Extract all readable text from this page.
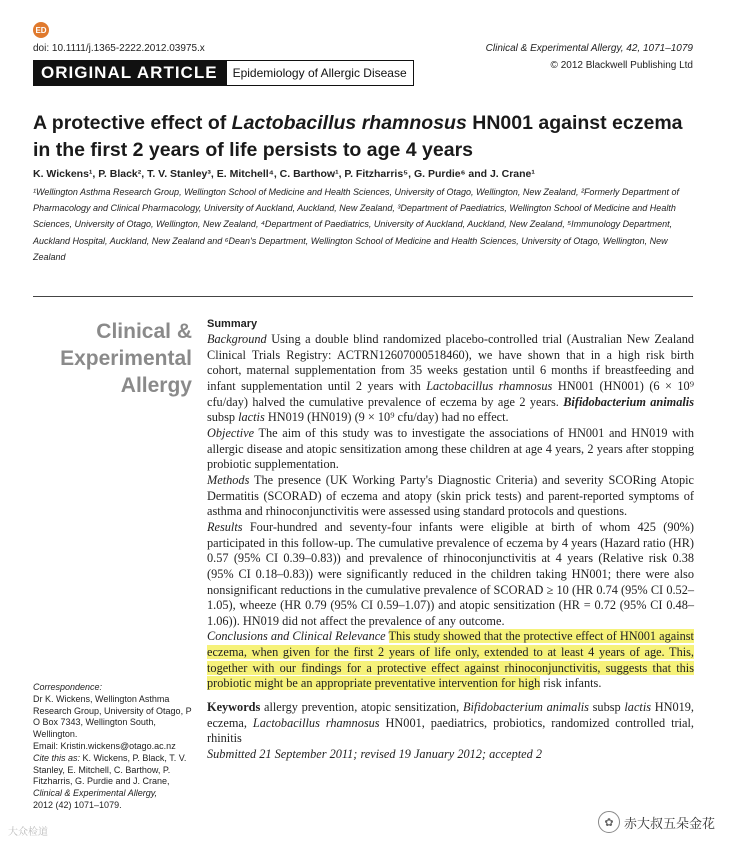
ED
doi: 10.1111/j.1365-2222.2012.03975.x	Clinical & Experimental Allergy, 42, 1071–1079
© 2012 Blackwell Publishing Ltd
ORIGINAL ARTICLE	Epidemiology of Allergic Disease
A protective effect of Lactobacillus rhamnosus HN001 against eczema in the first 2 years of life persists to age 4 years
K. Wickens¹, P. Black², T. V. Stanley³, E. Mitchell⁴, C. Barthow¹, P. Fitzharris⁵, G. Purdie⁶ and J. Crane¹
¹Wellington Asthma Research Group, Wellington School of Medicine and Health Sciences, University of Otago, Wellington, New Zealand, ²Formerly Department of Pharmacology and Clinical Pharmacology, University of Auckland, Auckland, New Zealand, ³Department of Paediatrics, Wellington School of Medicine and Health Sciences, University of Otago, Wellington, New Zealand, ⁴Department of Paediatrics, University of Auckland, Auckland, New Zealand, ⁵Immunology Department, Auckland Hospital, Auckland, New Zealand and ⁶Dean's Department, Wellington School of Medicine and Health Sciences, University of Otago, Wellington, New Zealand
Clinical &
Experimental
Allergy
Summary

Background Using a double blind randomized placebo-controlled trial (Australian New Zealand Clinical Trials Registry: ACTRN12607000518460), we have shown that in a high risk birth cohort, maternal supplementation from 35 weeks gestation until 6 months if breastfeeding and infant supplementation until 2 years with Lactobacillus rhamnosus HN001 (HN001) (6 × 10⁹ cfu/day) halved the cumulative prevalence of eczema by age 2 years. Bifidobacterium animalis subsp lactis HN019 (HN019) (9 × 10⁹ cfu/day) had no effect.

Objective The aim of this study was to investigate the associations of HN001 and HN019 with allergic disease and atopic sensitization among these children at age 4 years, 2 years after stopping probiotic supplementation.

Methods The presence (UK Working Party's Diagnostic Criteria) and severity SCORing Atopic Dermatitis (SCORAD) of eczema and atopy (skin prick tests) and parent-reported symptoms of asthma and rhinoconjunctivitis were assessed using standard protocols and questions.

Results Four-hundred and seventy-four infants were eligible at birth of whom 425 (90%) participated in this follow-up. The cumulative prevalence of eczema by 4 years (Hazard ratio (HR) 0.57 (95% CI 0.39–0.83)) and prevalence of rhinoconjunctivitis at 4 years (Relative risk 0.38 (95% CI 0.18–0.83)) were significantly reduced in the children taking HN001; there were also nonsignificant reductions in the cumulative prevalence of SCORAD ≥ 10 (HR 0.74 (95% CI 0.52–1.05), wheeze (HR 0.79 (95% CI 0.59–1.07)) and atopic sensitization (HR = 0.72 (95% CI 0.48–1.06)). HN019 did not affect the prevalence of any outcome.

Conclusions and Clinical Relevance This study showed that the protective effect of HN001 against eczema, when given for the first 2 years of life only, extended to at least 4 years of age. This, together with our findings for a protective effect against rhinoconjunctivitis, suggests that this probiotic might be an appropriate preventative intervention for high risk infants.

Keywords allergy prevention, atopic sensitization, Bifidobacterium animalis subsp lactis HN019, eczema, Lactobacillus rhamnosus HN001, paediatrics, probiotics, randomized controlled trial, rhinitis

Submitted 21 September 2011; revised 19 January 2012; accepted 2

Correspondence:

Dr K. Wickens, Wellington Asthma Research Group, University of Otago, P O Box 7343, Wellington South, Wellington.

Email: Kristin.wickens@otago.ac.nz

Cite this as: K. Wickens, P. Black, T. V. Stanley, E. Mitchell, C. Barthow, P. Fitzharris, G. Purdie and J. Crane, Clinical & Experimental Allergy,

2012 (42) 1071–1079.

大众检道
✿ 赤大叔五朵金花
